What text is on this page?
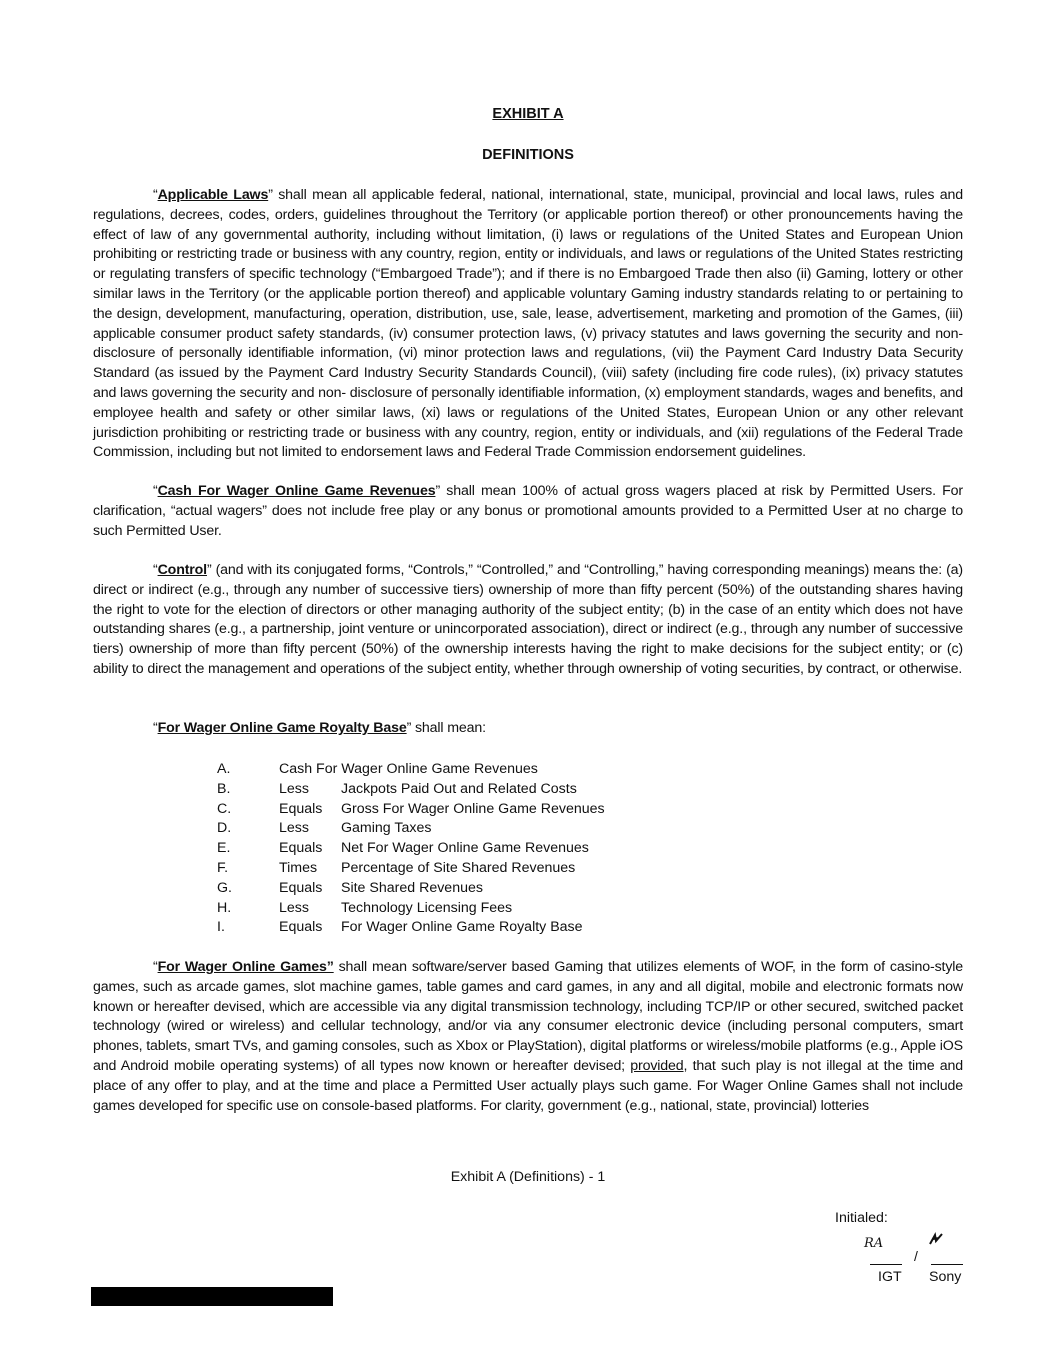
EXHIBIT A
DEFINITIONS
“Applicable Laws” shall mean all applicable federal, national, international, state, municipal, provincial and local laws, rules and regulations, decrees, codes, orders, guidelines throughout the Territory (or applicable portion thereof) or other pronouncements having the effect of law of any governmental authority, including without limitation, (i) laws or regulations of the United States and European Union prohibiting or restricting trade or business with any country, region, entity or individuals, and laws or regulations of the United States restricting or regulating transfers of specific technology (“Embargoed Trade”); and if there is no Embargoed Trade then also (ii) Gaming, lottery or other similar laws in the Territory (or the applicable portion thereof) and applicable voluntary Gaming industry standards relating to or pertaining to the design, development, manufacturing, operation, distribution, use, sale, lease, advertisement, marketing and promotion of the Games, (iii) applicable consumer product safety standards, (iv) consumer protection laws, (v) privacy statutes and laws governing the security and non-disclosure of personally identifiable information, (vi) minor protection laws and regulations, (vii) the Payment Card Industry Data Security Standard (as issued by the Payment Card Industry Security Standards Council), (viii) safety (including fire code rules), (ix) privacy statutes and laws governing the security and non- disclosure of personally identifiable information, (x) employment standards, wages and benefits, and employee health and safety or other similar laws, (xi) laws or regulations of the United States, European Union or any other relevant jurisdiction prohibiting or restricting trade or business with any country, region, entity or individuals, and (xii) regulations of the Federal Trade Commission, including but not limited to endorsement laws and Federal Trade Commission endorsement guidelines.
“Cash For Wager Online Game Revenues” shall mean 100% of actual gross wagers placed at risk by Permitted Users. For clarification, “actual wagers” does not include free play or any bonus or promotional amounts provided to a Permitted User at no charge to such Permitted User.
“Control” (and with its conjugated forms, “Controls,” “Controlled,” and “Controlling,” having corresponding meanings) means the: (a) direct or indirect (e.g., through any number of successive tiers) ownership of more than fifty percent (50%) of the outstanding shares having the right to vote for the election of directors or other managing authority of the subject entity; (b) in the case of an entity which does not have outstanding shares (e.g., a partnership, joint venture or unincorporated association), direct or indirect (e.g., through any number of successive tiers) ownership of more than fifty percent (50%) of the ownership interests having the right to make decisions for the subject entity; or (c) ability to direct the management and operations of the subject entity, whether through ownership of voting securities, by contract, or otherwise.
“For Wager Online Game Royalty Base” shall mean:
A.	Cash For Wager Online Game Revenues
B.	Less	Jackpots Paid Out and Related Costs
C.	Equals	Gross For Wager Online Game Revenues
D.	Less	Gaming Taxes
E.	Equals	Net For Wager Online Game Revenues
F.	Times	Percentage of Site Shared Revenues
G.	Equals	Site Shared Revenues
H.	Less	Technology Licensing Fees
I.	Equals	For Wager Online Game Royalty Base
“For Wager Online Games” shall mean software/server based Gaming that utilizes elements of WOF, in the form of casino-style games, such as arcade games, slot machine games, table games and card games, in any and all digital, mobile and electronic formats now known or hereafter devised, which are accessible via any digital transmission technology, including TCP/IP or other secured, switched packet technology (wired or wireless) and cellular technology, and/or via any consumer electronic device (including personal computers, smart phones, tablets, smart TVs, and gaming consoles, such as Xbox or PlayStation), digital platforms or wireless/mobile platforms (e.g., Apple iOS and Android mobile operating systems) of all types now known or hereafter devised; provided, that such play is not illegal at the time and place of any offer to play, and at the time and place a Permitted User actually plays such game. For Wager Online Games shall not include games developed for specific use on console-based platforms. For clarity, government (e.g., national, state, provincial) lotteries
Exhibit A (Definitions) - 1
Initialed:
RA
/
IGT Sony
